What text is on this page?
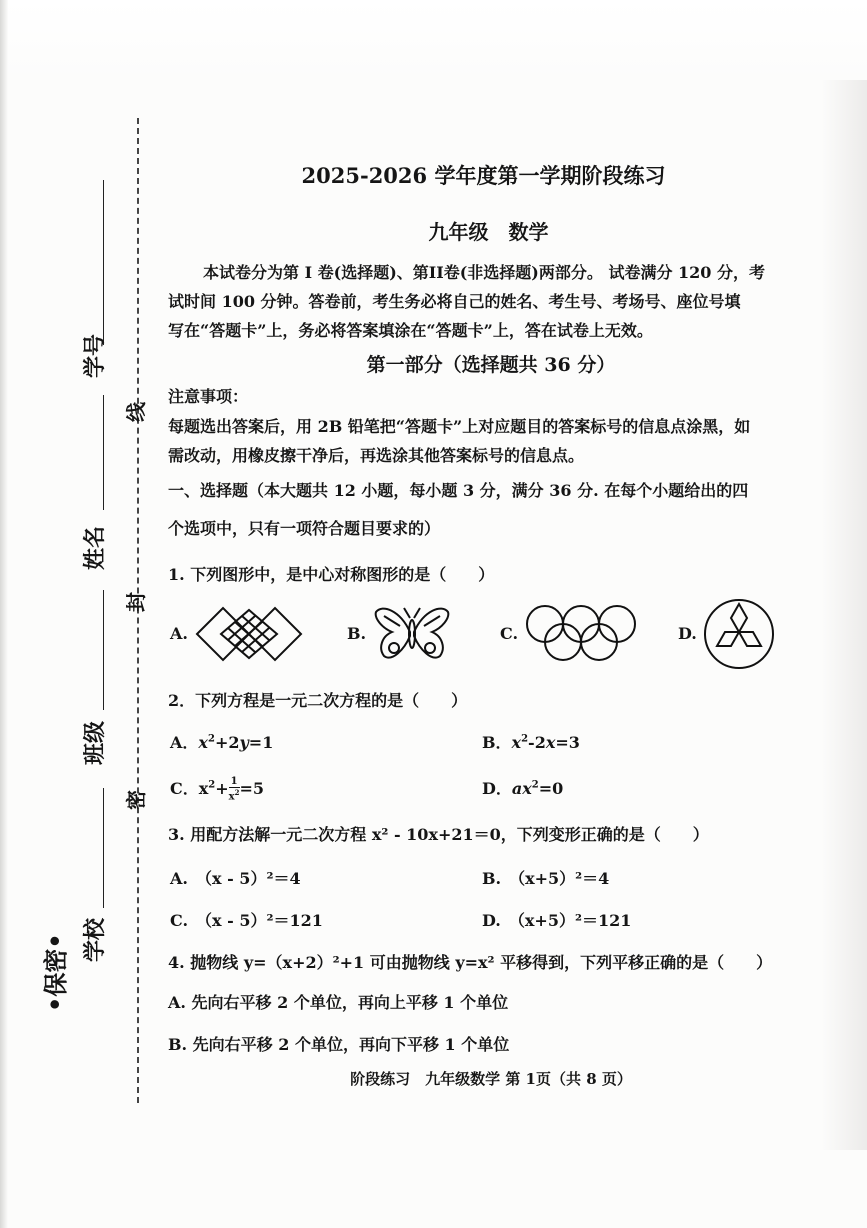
学号
姓名
班级
学校
•保密•
线
封
密
2025-2026 学年度第一学期阶段练习
九年级　数学
本试卷分为第 I 卷(选择题)、第II卷(非选择题)两部分。 试卷满分 120 分，考
试时间 100 分钟。答卷前，考生务必将自己的姓名、考生号、考场号、座位号填
写在“答题卡”上，务必将答案填涂在“答题卡”上，答在试卷上无效。
第一部分（选择题共 36 分）
注意事项：
每题选出答案后，用 2B 铅笔把“答题卡”上对应题目的答案标号的信息点涂黑，如
需改动，用橡皮擦干净后，再选涂其他答案标号的信息点。
一、选择题（本大题共 12 小题，每小题 3 分，满分 36 分. 在每个小题给出的四
个选项中，只有一项符合题目要求的）
1. 下列图形中，是中心对称图形的是（　　）
A.	B.	C.	D.
2．下列方程是一元二次方程的是（　　）
A．$x^2+2y=1$	B．$x^2-2x=3$
C．$x^2+ \frac{1}{x^2} =5$	D．$ax^2=0$
3. 用配方法解一元二次方程 x² - 10x+21＝0，下列变形正确的是（　　）
A.　（x - 5）²＝4	B.　（x+5）²＝4
C.　（x - 5）²＝121	D.　（x+5）²＝121
4. 抛物线 y=（x+2）²+1 可由抛物线 y=x² 平移得到，下列平移正确的是（　　）
A. 先向右平移 2 个单位，再向上平移 1 个单位
B. 先向右平移 2 个单位，再向下平移 1 个单位
阶段练习　九年级数学 第 1页（共 8 页）
